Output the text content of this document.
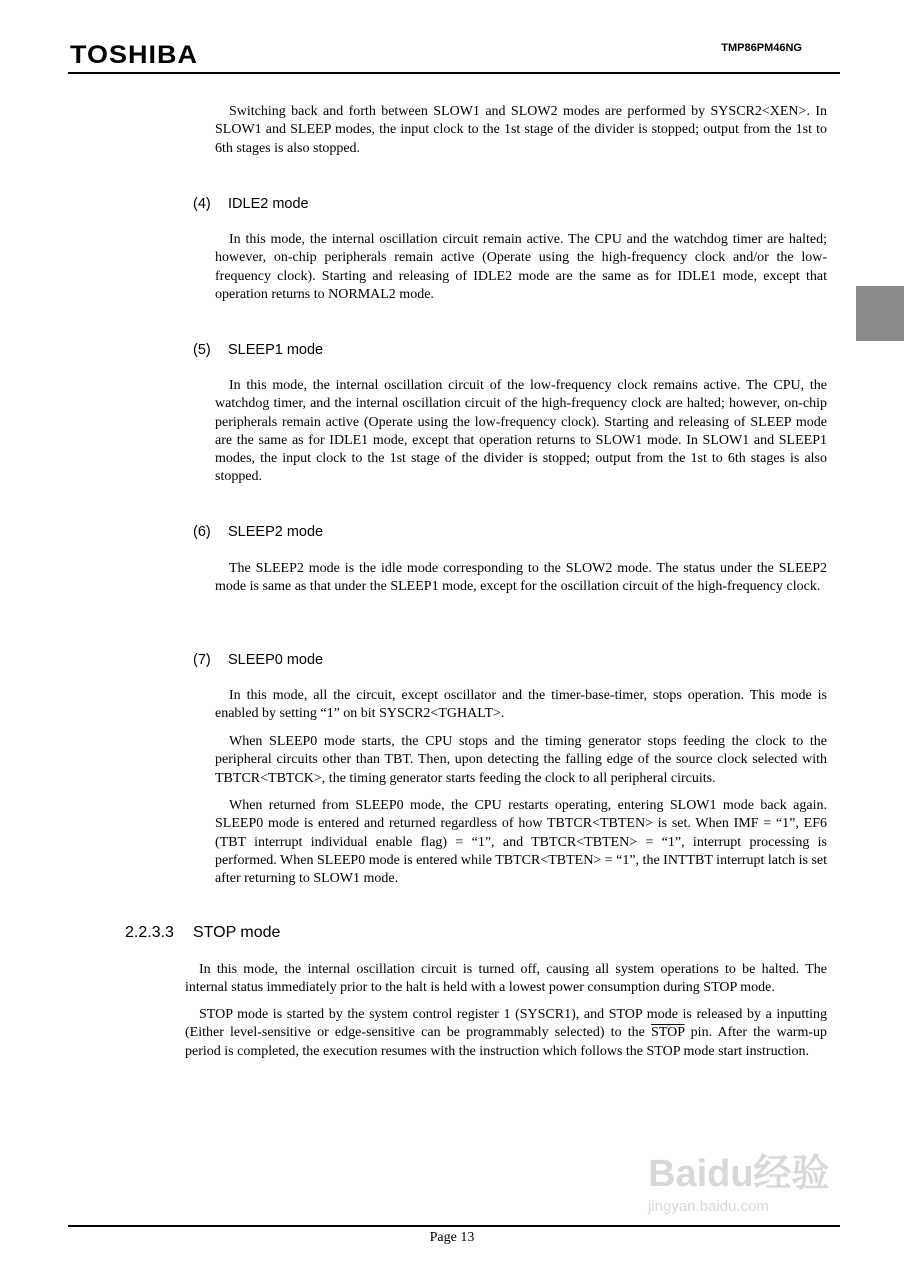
TOSHIBA	TMP86PM46NG

Switching back and forth between SLOW1 and SLOW2 modes are performed by SYSCR2<XEN>. In SLOW1 and SLEEP modes, the input clock to the 1st stage of the divider is stopped; output from the 1st to 6th stages is also stopped.

(4) IDLE2 mode

In this mode, the internal oscillation circuit remain active. The CPU and the watchdog timer are halted; however, on-chip peripherals remain active (Operate using the high-frequency clock and/or the low-frequency clock). Starting and releasing of IDLE2 mode are the same as for IDLE1 mode, except that operation returns to NORMAL2 mode.

(5) SLEEP1 mode

In this mode, the internal oscillation circuit of the low-frequency clock remains active. The CPU, the watchdog timer, and the internal oscillation circuit of the high-frequency clock are halted; however, on-chip peripherals remain active (Operate using the low-frequency clock). Starting and releasing of SLEEP mode are the same as for IDLE1 mode, except that operation returns to SLOW1 mode. In SLOW1 and SLEEP1 modes, the input clock to the 1st stage of the divider is stopped; output from the 1st to 6th stages is also stopped.

(6) SLEEP2 mode

The SLEEP2 mode is the idle mode corresponding to the SLOW2 mode. The status under the SLEEP2 mode is same as that under the SLEEP1 mode, except for the oscillation circuit of the high-frequency clock.

(7) SLEEP0 mode

In this mode, all the circuit, except oscillator and the timer-base-timer, stops operation. This mode is enabled by setting “1” on bit SYSCR2<TGHALT>.

When SLEEP0 mode starts, the CPU stops and the timing generator stops feeding the clock to the peripheral circuits other than TBT. Then, upon detecting the falling edge of the source clock selected with TBTCR<TBTCK>, the timing generator starts feeding the clock to all peripheral circuits.

When returned from SLEEP0 mode, the CPU restarts operating, entering SLOW1 mode back again. SLEEP0 mode is entered and returned regardless of how TBTCR<TBTEN> is set. When IMF = “1”, EF6 (TBT interrupt individual enable flag) = “1”, and TBTCR<TBTEN> = “1”, interrupt processing is performed. When SLEEP0 mode is entered while TBTCR<TBTEN> = “1”, the INTTBT interrupt latch is set after returning to SLOW1 mode.

2.2.3.3 STOP mode

In this mode, the internal oscillation circuit is turned off, causing all system operations to be halted. The internal status immediately prior to the halt is held with a lowest power consumption during STOP mode.

STOP mode is started by the system control register 1 (SYSCR1), and STOP mode is released by a inputting (Either level-sensitive or edge-sensitive can be programmably selected) to the STOP pin. After the warm-up period is completed, the execution resumes with the instruction which follows the STOP mode start instruction.

Baidu经验
jingyan.baidu.com
Page 13
